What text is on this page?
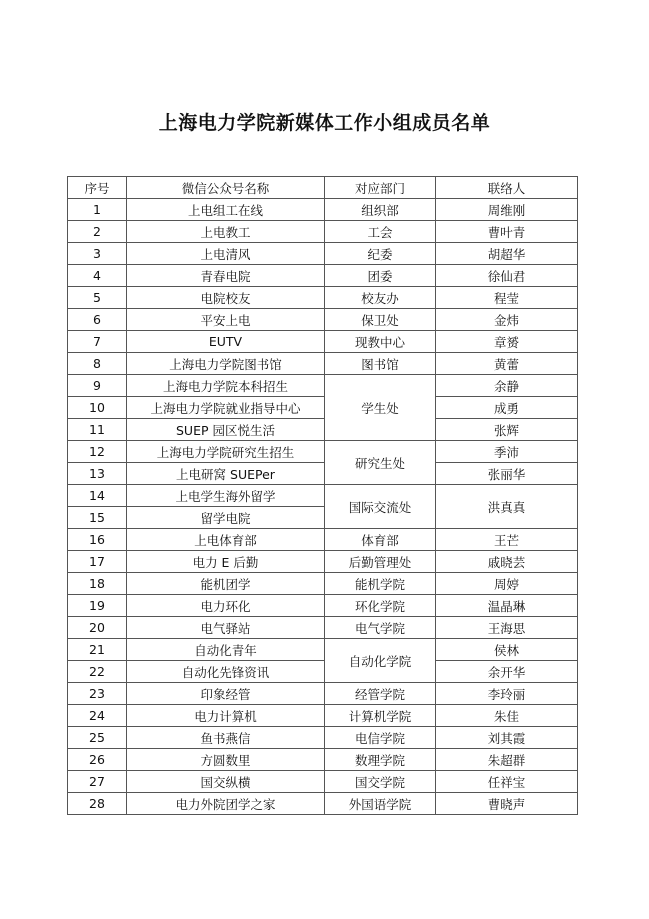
上海电力学院新媒体工作小组成员名单
序号	微信公众号名称	对应部门	联络人
1	上电组工在线	组织部	周维刚
2	上电教工	工会	曹叶青
3	上电清风	纪委	胡超华
4	青春电院	团委	徐仙君
5	电院校友	校友办	程莹
6	平安上电	保卫处	金炜
7	EUTV	现教中心	章赟
8	上海电力学院图书馆	图书馆	黄蕾
9	上海电力学院本科招生	学生处	余静
10	上海电力学院就业指导中心		成勇
11	SUEP 园区悦生活		张辉
12	上海电力学院研究生招生	研究生处	季沛
13	上电研窝 SUEPer		张丽华
14	上电学生海外留学	国际交流处	洪真真
15	留学电院		
16	上电体育部	体育部	王芒
17	电力 E 后勤	后勤管理处	戚晓芸
18	能机团学	能机学院	周婷
19	电力环化	环化学院	温晶琳
20	电气驿站	电气学院	王海思
21	自动化青年	自动化学院	侯林
22	自动化先锋资讯		余开华
23	印象经管	经管学院	李玲丽
24	电力计算机	计算机学院	朱佳
25	鱼书燕信	电信学院	刘其霞
26	方圆数里	数理学院	朱超群
27	国交纵横	国交学院	任祥宝
28	电力外院团学之家	外国语学院	曹晓声
